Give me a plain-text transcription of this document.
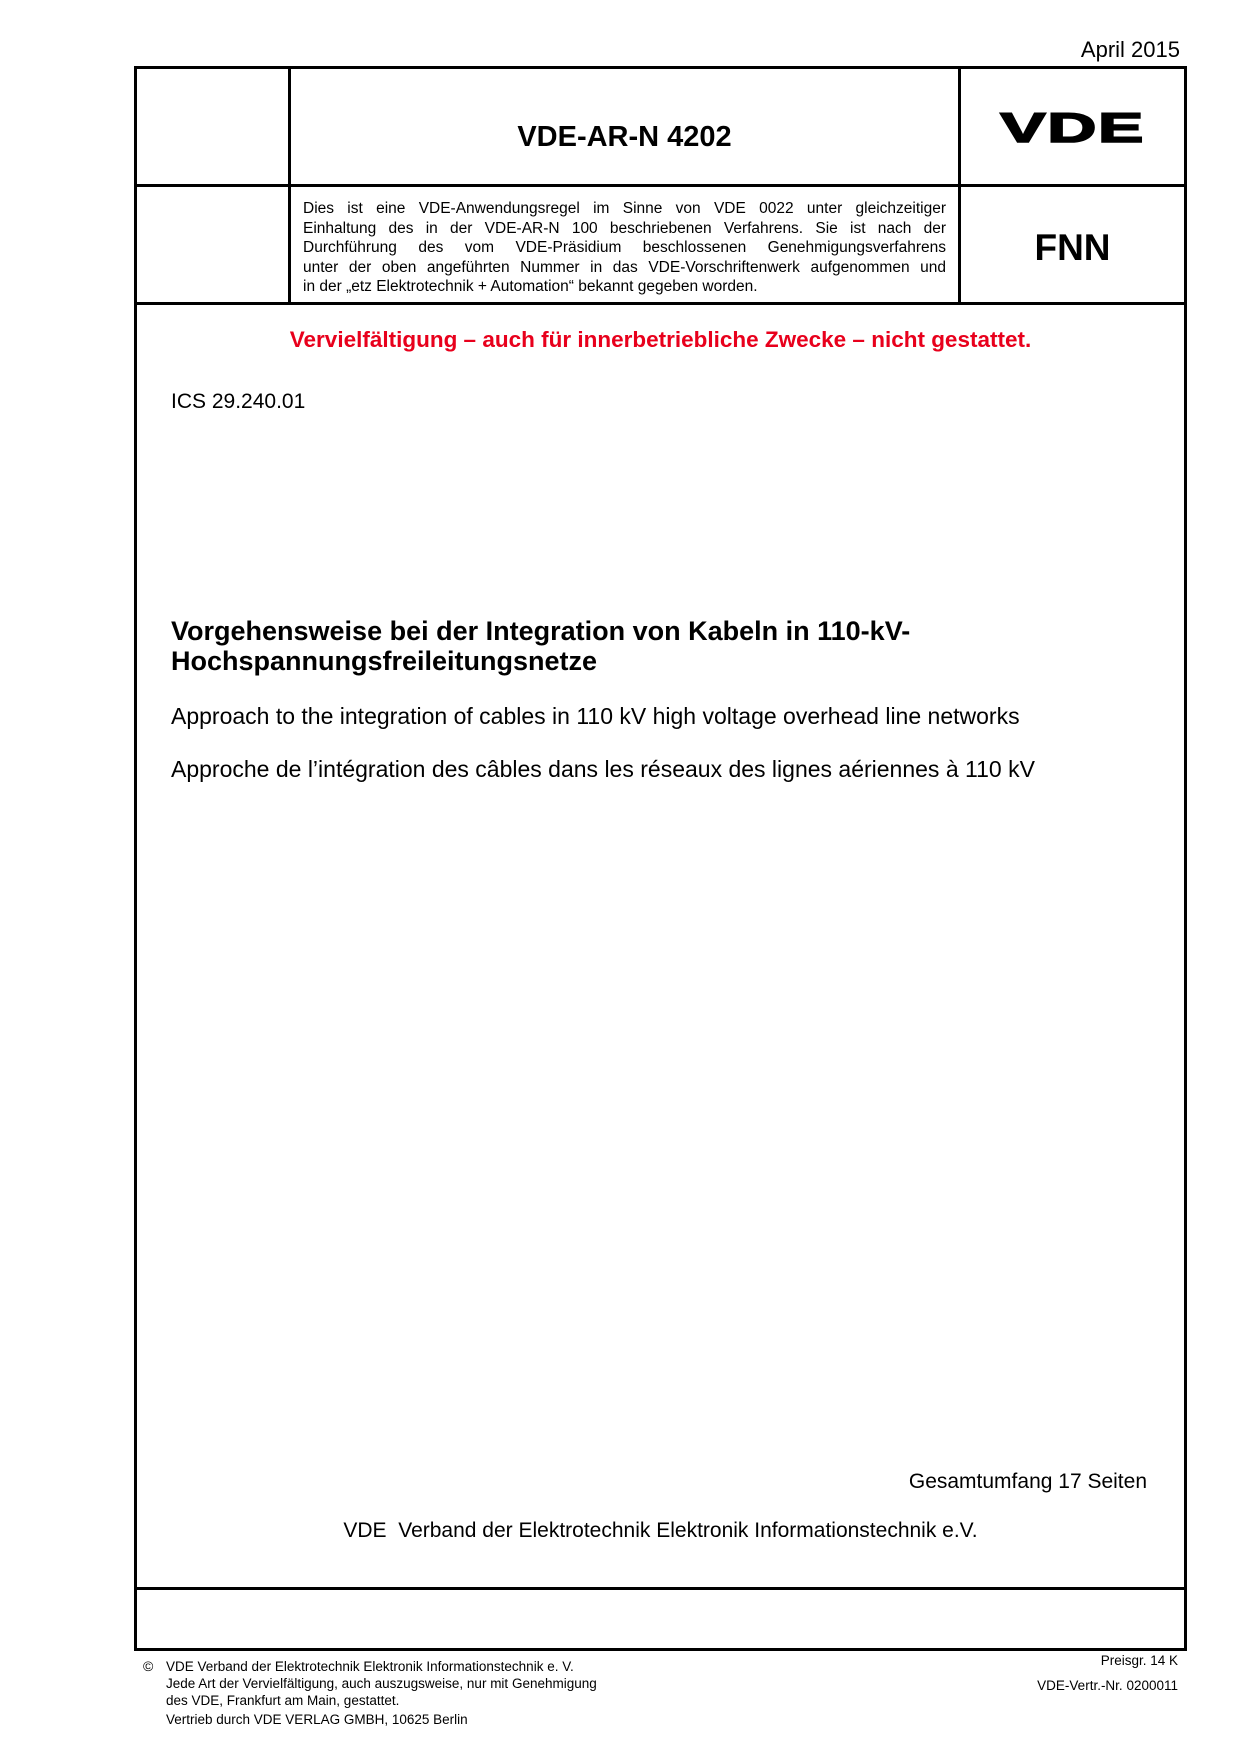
April 2015
VDE-AR-N 4202	VDE
Dies ist eine VDE-Anwendungsregel im Sinne von VDE 0022 unter gleichzeitiger
Einhaltung des in der VDE-AR-N 100 beschriebenen Verfahrens. Sie ist nach der
Durchführung des vom VDE-Präsidium beschlossenen Genehmigungsverfahrens
unter der oben angeführten Nummer in das VDE-Vorschriftenwerk aufgenommen und
in der „etz Elektrotechnik + Automation“ bekannt gegeben worden.
FNN
Vervielfältigung – auch für innerbetriebliche Zwecke – nicht gestattet.
ICS 29.240.01
Vorgehensweise bei der Integration von Kabeln in 110-kV-
Hochspannungsfreileitungsnetze
Approach to the integration of cables in 110 kV high voltage overhead line networks
Approche de l’intégration des câbles dans les réseaux des lignes aériennes à 110 kV
Gesamtumfang 17 Seiten
VDE  Verband der Elektrotechnik Elektronik Informationstechnik e.V.
© VDE Verband der Elektrotechnik Elektronik Informationstechnik e. V.
Jede Art der Vervielfältigung, auch auszugsweise, nur mit Genehmigung
des VDE, Frankfurt am Main, gestattet.
Vertrieb durch VDE VERLAG GMBH, 10625 Berlin
Preisgr. 14 K
VDE-Vertr.-Nr. 0200011
